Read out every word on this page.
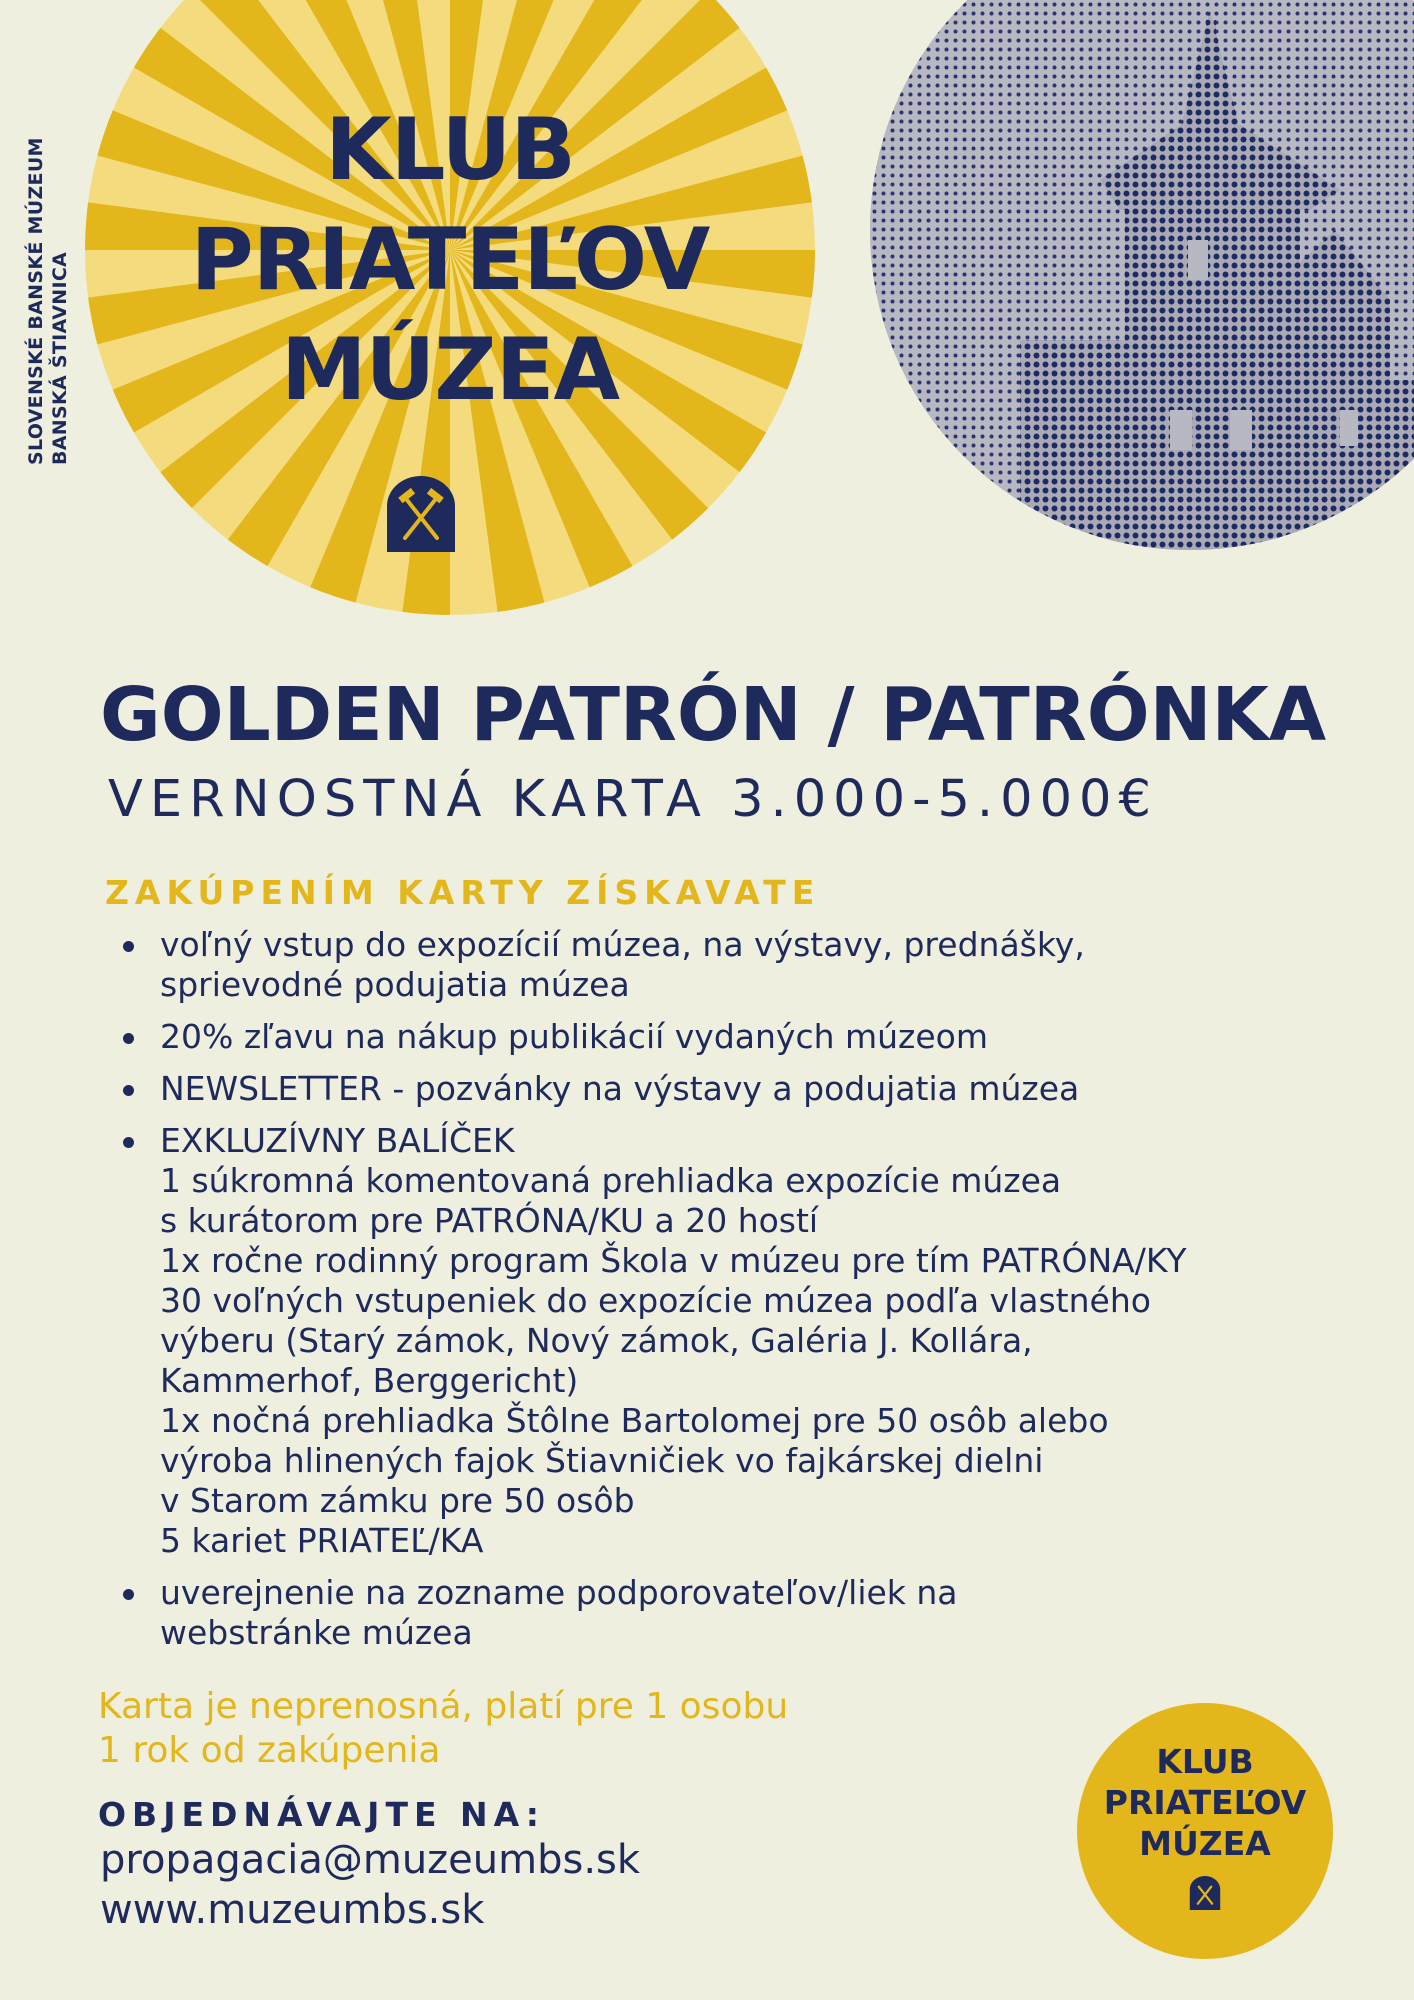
SLOVENSKÉ BANSKÉ MÚZEUM BANSKÁ ŠTIAVNICA
KLUB
PRIATEĽOV
MÚZEA
GOLDEN PATRÓN / PATRÓNKA
VERNOSTNÁ KARTA 3.000-5.000€
ZAKÚPENÍM KARTY ZÍSKAVATE
voľný vstup do expozícií múzea, na výstavy, prednášky,
sprievodné podujatia múzea
20% zľavu na nákup publikácií vydaných múzeom
NEWSLETTER - pozvánky na výstavy a podujatia múzea
EXKLUZÍVNY BALÍČEK
1 súkromná komentovaná prehliadka expozície múzea
s kurátorom pre PATRÓNA/KU a 20 hostí
1x ročne rodinný program Škola v múzeu pre tím PATRÓNA/KY
30 voľných vstupeniek do expozície múzea podľa vlastného
výberu (Starý zámok, Nový zámok, Galéria J. Kollára,
Kammerhof, Berggericht)
1x nočná prehliadka Štôlne Bartolomej pre 50 osôb alebo
výroba hlinených fajok Štiavničiek vo fajkárskej dielni
v Starom zámku pre 50 osôb
5 kariet PRIATEĽ/KA
uverejnenie na zozname podporovateľov/liek na
webstránke múzea
Karta je neprenosná, platí pre 1 osobu
1 rok od zakúpenia
OBJEDNÁVAJTE NA:
propagacia@muzeumbs.sk
www.muzeumbs.sk
KLUB
PRIATEĽOV
MÚZEA
